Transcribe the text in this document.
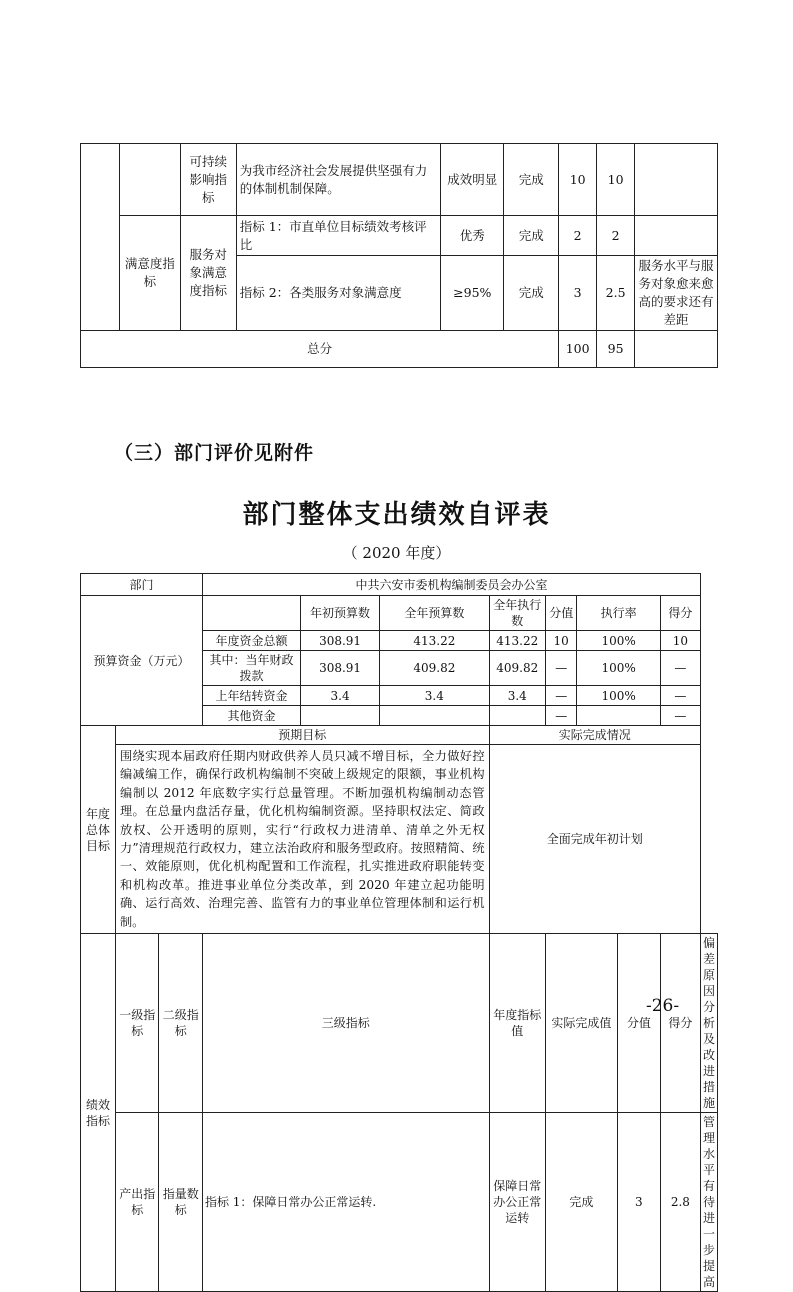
		可持续影响指标	为我市经济社会发展提供坚强有力的体制机制保障。	成效明显	完成	10	10	
	满意度指标	服务对象满意度指标	指标 1：市直单位目标绩效考核评比	优秀	完成	2	2	
			指标 2：各类服务对象满意度	≥95%	完成	3	2.5	服务水平与服务对象愈来愈高的要求还有差距
总分						100	95	
（三）部门评价见附件
部门整体支出绩效自评表
（ 2020 年度）
部门			中共六安市委机构编制委员会办公室								
预算资金（万元）				年初预算数	全年预算数	全年执行数	分值	执行率		得分	
			年度资金总额	308.91	413.22	413.22	10	100%		10	
			其中：当年财政拨款	308.91	409.82	409.82	—	100%		—	
			上年结转资金	3.4	3.4	3.4	—	100%		—	
			其他资金				—			—	
年度总体目标	预期目标					实际完成情况					
	围绕实现本届政府任期内财政供养人员只减不增目标，全力做好控编减编工作，确保行政机构编制不突破上级规定的限额，事业机构编制以 2012 年底数字实行总量管理。不断加强机构编制动态管理。在总量内盘活存量，优化机构编制资源。坚持职权法定、简政放权、公开透明的原则，实行“行政权力进清单、清单之外无权力”清理规范行政权力，建立法治政府和服务型政府。按照精简、统一、效能原则，优化机构配置和工作流程，扎实推进政府职能转变和机构改革。推进事业单位分类改革，到 2020 年建立起功能明确、运行高效、治理完善、监管有力的事业单位管理体制和运行机制。					全面完成年初计划					
绩效指标	一级指标	二级指标	三级指标			年度指标值	实际完成值		分值	得分	偏差原因分析及改进措施
	产出指标	指量数标	指标 1：保障日常办公正常运转.			保障日常办公正常运转	完成		3	2.8	管理水平有待进一步提高
-26-
